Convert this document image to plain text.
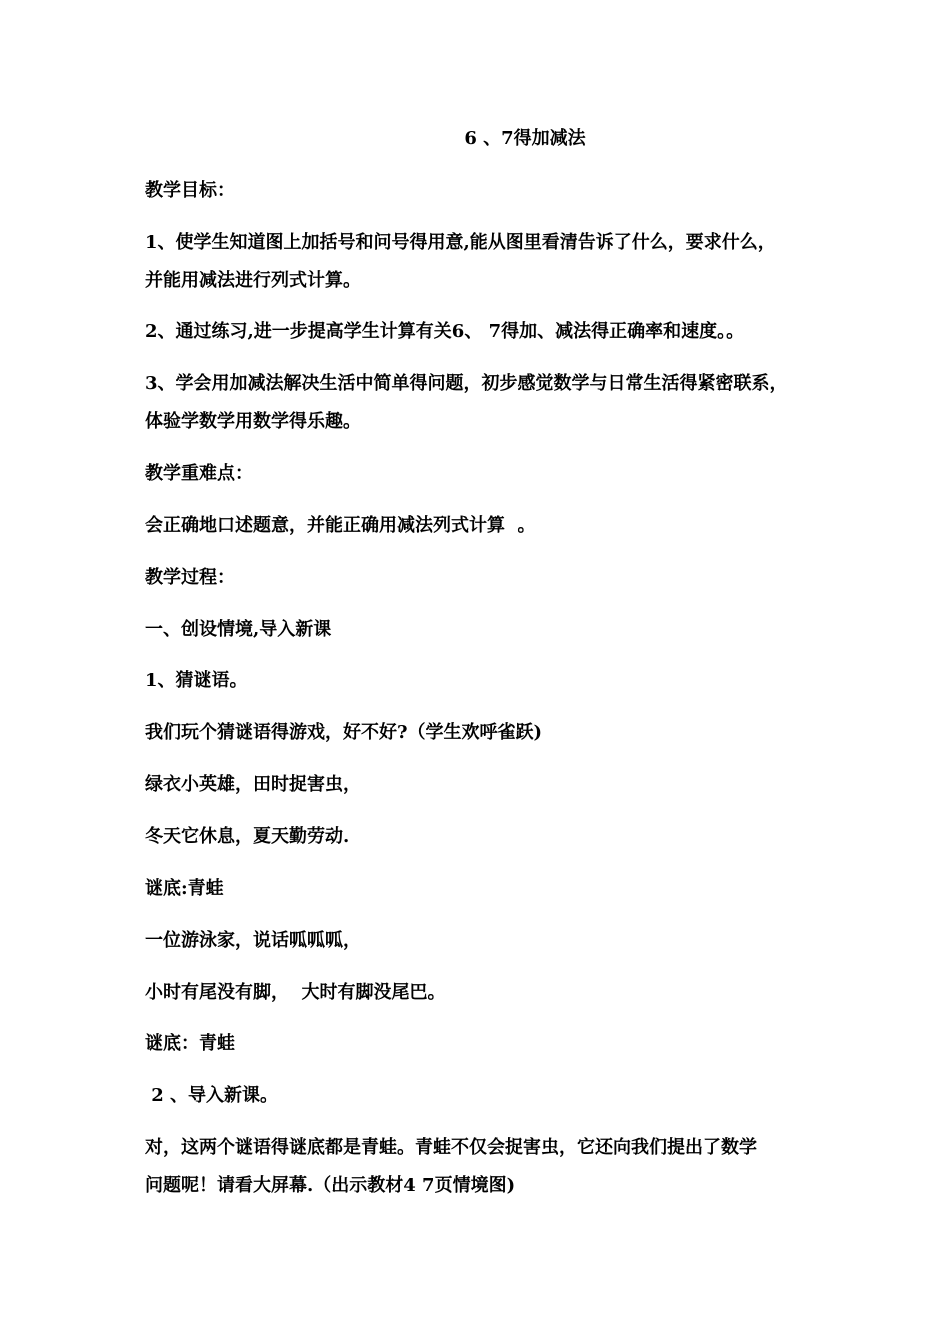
6 、7得加减法
教学目标：
1、使学生知道图上加括号和问号得用意,能从图里看清告诉了什么，要求什么，
并能用减法进行列式计算。
2、通过练习,进一步提高学生计算有关6、 7得加、减法得正确率和速度。。
3、学会用加减法解决生活中简单得问题，初步感觉数学与日常生活得紧密联系，
体验学数学用数学得乐趣。
教学重难点：
会正确地口述题意，并能正确用减法列式计算  。
教学过程：
一、创设情境,导入新课
1、猜谜语。
我们玩个猜谜语得游戏，好不好?（学生欢呼雀跃)
绿衣小英雄，田时捉害虫，
冬天它休息，夏天勤劳动.
谜底:青蛙
一位游泳家，说话呱呱呱，
小时有尾没有脚，  大时有脚没尾巴。
谜底：青蛙
2 、导入新课。
对，这两个谜语得谜底都是青蛙。青蛙不仅会捉害虫，它还向我们提出了数学
问题呢！请看大屏幕.（出示教材4 7页情境图)
